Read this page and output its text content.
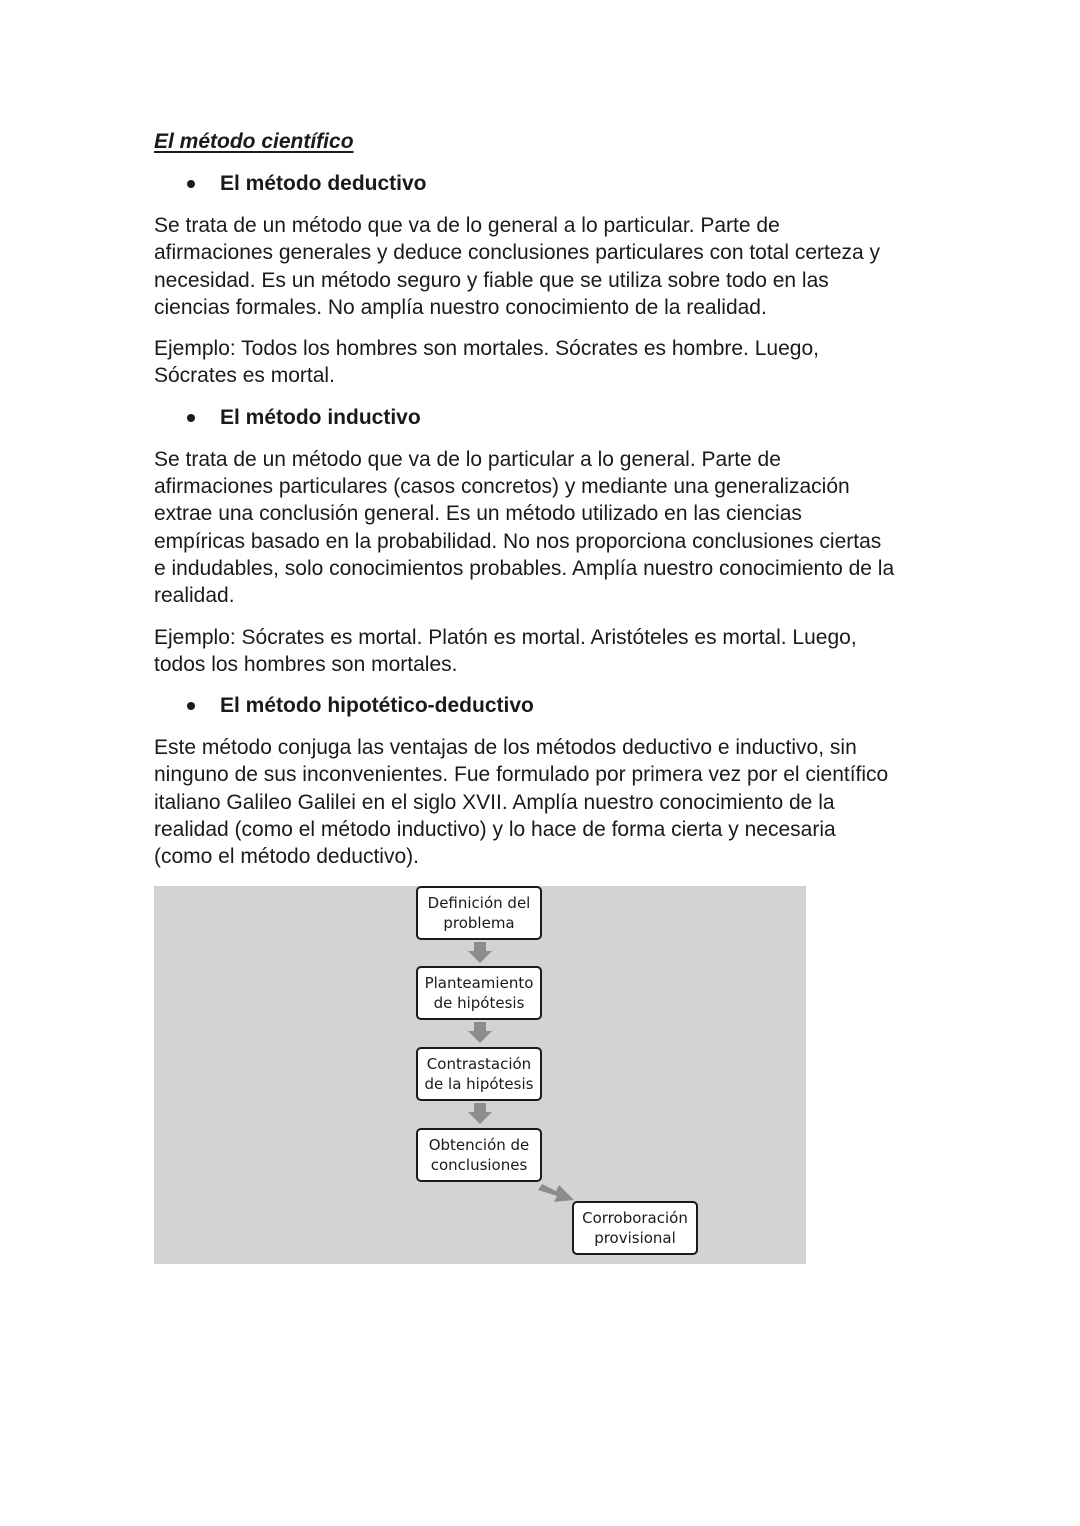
El método científico
El método deductivo

Se trata de un método que va de lo general a lo particular. Parte de
afirmaciones generales y deduce conclusiones particulares con total certeza y
necesidad. Es un método seguro y fiable que se utiliza sobre todo en las
ciencias formales. No amplía nuestro conocimiento de la realidad.

Ejemplo: Todos los hombres son mortales. Sócrates es hombre. Luego,
Sócrates es mortal.

El método inductivo

Se trata de un método que va de lo particular a lo general. Parte de
afirmaciones particulares (casos concretos) y mediante una generalización
extrae una conclusión general. Es un método utilizado en las ciencias
empíricas basado en la probabilidad. No nos proporciona conclusiones ciertas
e indudables, solo conocimientos probables. Amplía nuestro conocimiento de la
realidad.

Ejemplo: Sócrates es mortal. Platón es mortal. Aristóteles es mortal. Luego,
todos los hombres son mortales.

El método hipotético-deductivo

Este método conjuga las ventajas de los métodos deductivo e inductivo, sin
ninguno de sus inconvenientes. Fue formulado por primera vez por el científico
italiano Galileo Galilei en el siglo XVII. Amplía nuestro conocimiento de la
realidad (como el método inductivo) y lo hace de forma cierta y necesaria
(como el método deductivo).

Definición del
problema
Planteamiento
de hipótesis
Contrastación
de la hipótesis
Obtención de
conclusiones
Corroboración
provisional
